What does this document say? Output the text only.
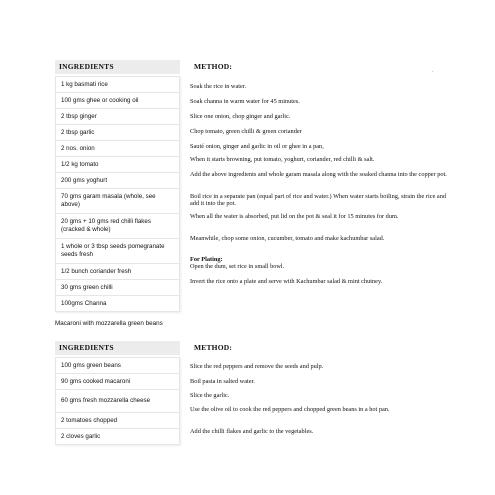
INGREDIENTS
1 kg basmati rice
100 gms ghee or cooking oil
2 tbsp ginger
2 tbsp garlic
2 nos. onion
1/2 kg tomato
200 gms yoghurt
70 gms garam masala (whole, see above)
20 gms + 10 gms red chilli flakes (cracked & whole)
1 whole or 3 tbsp seeds pomegranate seeds fresh
1/2 bunch coriander fresh
30 gms green chilli
100gms Channa
METHOD:	.
Soak the rice in water.
Soak channa in warm water for 45 minutes.
Slice one onion, chop ginger and garlic.
Chop tomato, green chilli & green coriander
Sauté onion, ginger and garlic in oil or ghee in a pan,
When it starts browning, put tomato, yoghurt, coriander, red chilli & salt.
Add the above ingredients and whole garam masala along with the soaked channa into the copper pot.
Boil rice in a separate pan (equal part of rice and water.) When water starts boiling, strain the rice and add it into the pot.
When all the water is absorbed, put lid on the pot & seal it for 15 minutes for dum.
Meanwhile, chop some onion, cucumber, tomato and make kachumbar salad.
For Plating:
Open the dum, set rice in small bowl.
Invert the rice onto a plate and serve with Kachumbar salad & mint chutney.
Macaroni with mozzarella green beans
INGREDIENTS
100 gms green beans
90 gms cooked macaroni
60 gms fresh mozzarella cheese
2 tomatoes chopped
2 cloves garlic
METHOD:
Slice the red peppers and remove the seeds and pulp.
Boil pasta in salted water.
Slice the garlic.
Use the olive oil to cook the red peppers and chopped green beans in a hot pan.
Add the chilli flakes and garlic to the vegetables.
